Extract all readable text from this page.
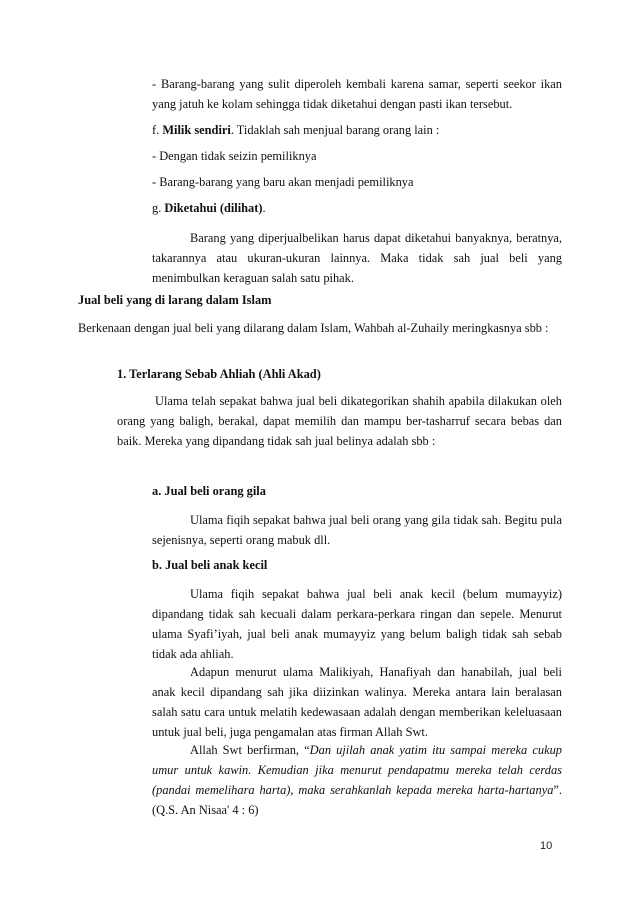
- Barang-barang yang sulit diperoleh kembali karena samar, seperti seekor ikan yang jatuh ke kolam sehingga tidak diketahui dengan pasti ikan tersebut.

f. Milik sendiri. Tidaklah sah menjual barang orang lain :

- Dengan tidak seizin pemiliknya

- Barang-barang yang baru akan menjadi pemiliknya

g. Diketahui (dilihat).

Barang yang diperjualbelikan harus dapat diketahui banyaknya, beratnya, takarannya atau ukuran-ukuran lainnya. Maka tidak sah jual beli yang menimbulkan keraguan salah satu pihak.

Jual beli yang di larang dalam Islam

Berkenaan dengan jual beli yang dilarang dalam Islam, Wahbah al-Zuhaily meringkasnya sbb :

1. Terlarang Sebab Ahliah (Ahli Akad)

Ulama telah sepakat bahwa jual beli dikategorikan shahih apabila dilakukan oleh orang yang baligh, berakal, dapat memilih dan mampu ber-tasharruf secara bebas dan baik. Mereka yang dipandang tidak sah jual belinya adalah sbb :

a. Jual beli orang gila

Ulama fiqih sepakat bahwa jual beli orang yang gila tidak sah. Begitu pula sejenisnya, seperti orang mabuk dll.

b. Jual beli anak kecil

Ulama fiqih sepakat bahwa jual beli anak kecil (belum mumayyiz) dipandang tidak sah kecuali dalam perkara-perkara ringan dan sepele. Menurut ulama Syafi’iyah, jual beli anak mumayyiz yang belum baligh tidak sah sebab tidak ada ahliah.

Adapun menurut ulama Malikiyah, Hanafiyah dan hanabilah, jual beli anak kecil dipandang sah jika diizinkan walinya. Mereka antara lain beralasan salah satu cara untuk melatih kedewasaan adalah dengan memberikan keleluasaan untuk jual beli, juga pengamalan atas firman Allah Swt.

Allah Swt berfirman, “Dan ujilah anak yatim itu sampai mereka cukup umur untuk kawin. Kemudian jika menurut pendapatmu mereka telah cerdas (pandai memelihara harta), maka serahkanlah kepada mereka harta-hartanya”. (Q.S. An Nisaa' 4 : 6)

10
